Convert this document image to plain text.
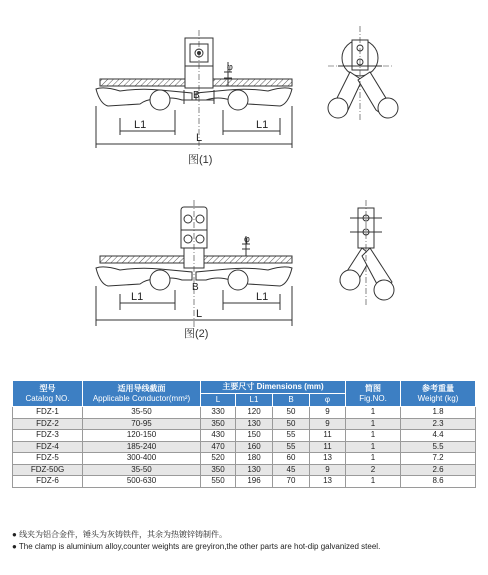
B
φ
L1	L1
L
B
φ
L1	L1
L
图(1)
图(2)
型号
Catalog NO.	适用导线截面
Applicable Conductor(mm²)	主要尺寸 Dimensions (mm)				简图
Fig.NO.	参考重量
Weight (kg)

		L	L1	B	φ		
FDZ-1	35-50	330	120	50	9	1	1.8
FDZ-2	70-95	350	130	50	9	1	2.3
FDZ-3	120-150	430	150	55	11	1	4.4
FDZ-4	185-240	470	160	55	11	1	5.5
FDZ-5	300-400	520	180	60	13	1	7.2
FDZ-50G	35-50	350	130	45	9	2	2.6
FDZ-6	500-630	550	196	70	13	1	8.6
● 线夹为铝合金件，锤头为灰铸铁件，其余为热镀锌铸制件。
● The clamp is aluminium alloy,counter weights are greyiron,the other parts are hot-dip galvanized steel.
